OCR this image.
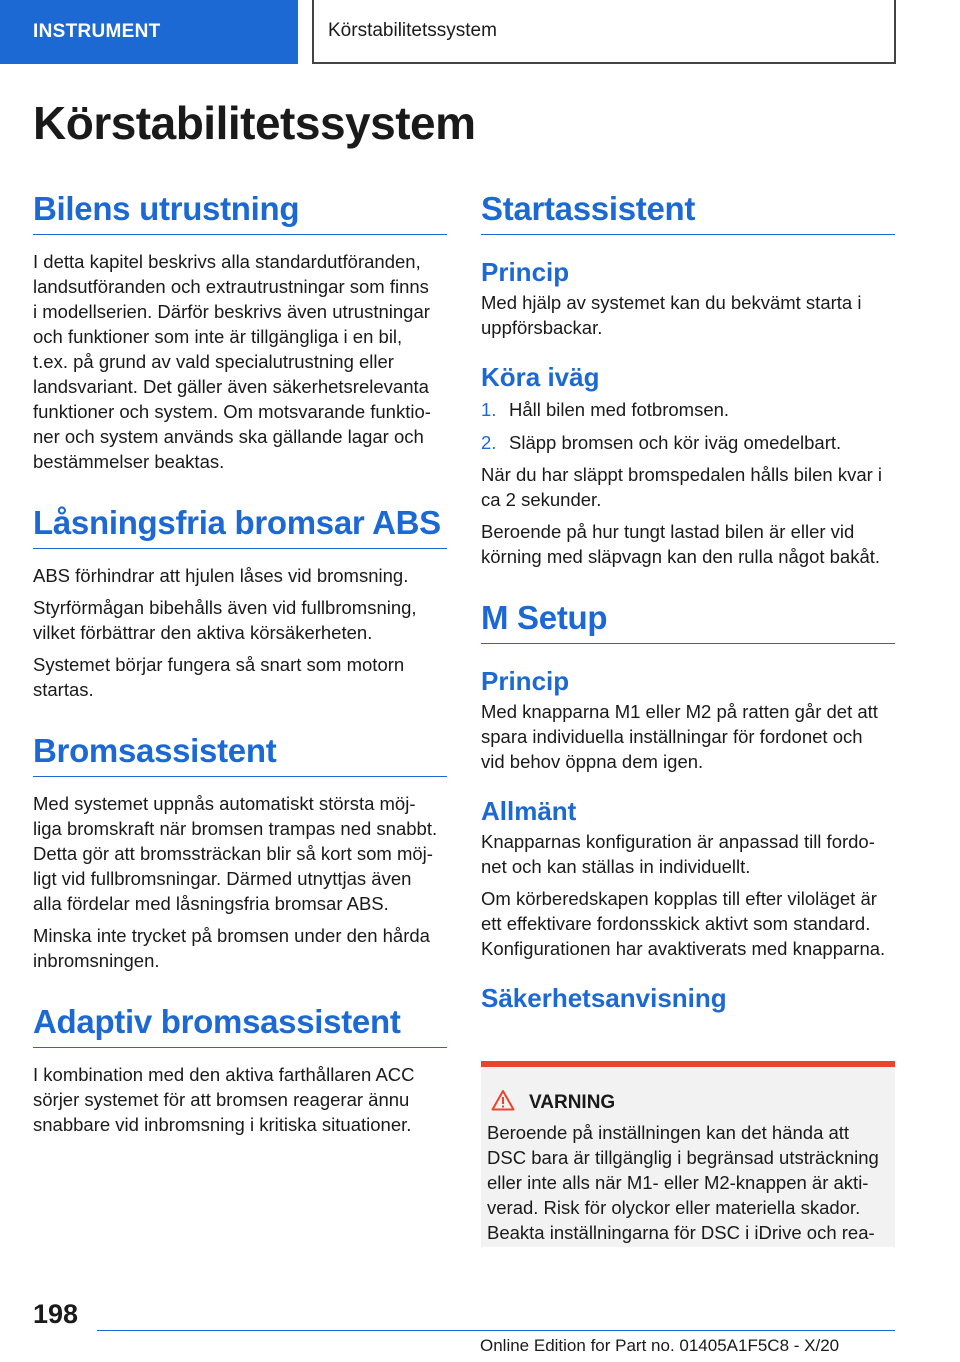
INSTRUMENT	Körstabilitetssystem
Körstabilitetssystem
Bilens utrustning

I detta kapitel beskrivs alla standardutföranden,
landsutföranden och extrautrustningar som finns
i modellserien. Därför beskrivs även utrustningar
och funktioner som inte är tillgängliga i en bil,
t.ex. på grund av vald specialutrustning eller
landsvariant. Det gäller även säkerhetsrelevanta
funktioner och system. Om motsvarande funktio-
ner och system används ska gällande lagar och
bestämmelser beaktas.

Låsningsfria bromsar ABS

ABS förhindrar att hjulen låses vid bromsning.

Styrförmågan bibehålls även vid fullbromsning,
vilket förbättrar den aktiva körsäkerheten.

Systemet börjar fungera så snart som motorn
startas.

Bromsassistent

Med systemet uppnås automatiskt största möj-
liga bromskraft när bromsen trampas ned snabbt.
Detta gör att bromssträckan blir så kort som möj-
ligt vid fullbromsningar. Därmed utnyttjas även
alla fördelar med låsningsfria bromsar ABS.

Minska inte trycket på bromsen under den hårda
inbromsningen.

Adaptiv bromsassistent

I kombination med den aktiva farthållaren ACC
sörjer systemet för att bromsen reagerar ännu
snabbare vid inbromsning i kritiska situationer.

Startassistent
Princip

Med hjälp av systemet kan du bekvämt starta i
uppförsbackar.

Köra iväg
1. Håll bilen med fotbromsen.
2. Släpp bromsen och kör iväg omedelbart.

När du har släppt bromspedalen hålls bilen kvar i
ca 2 sekunder.

Beroende på hur tungt lastad bilen är eller vid
körning med släpvagn kan den rulla något bakåt.

M Setup
Princip

Med knapparna M1 eller M2 på ratten går det att
spara individuella inställningar för fordonet och
vid behov öppna dem igen.

Allmänt

Knapparnas konfiguration är anpassad till fordo-
net och kan ställas in individuellt.

Om körberedskapen kopplas till efter viloläget är
ett effektivare fordonsskick aktivt som standard.
Konfigurationen har avaktiverats med knapparna.

Säkerhetsanvisning
VARNING

Beroende på inställningen kan det hända att
DSC bara är tillgänglig i begränsad utsträckning
eller inte alls när M1- eller M2-knappen är akti-
verad. Risk för olyckor eller materiella skador.
Beakta inställningarna för DSC i iDrive och rea-

198
Online Edition for Part no. 01405A1F5C8 - X/20
